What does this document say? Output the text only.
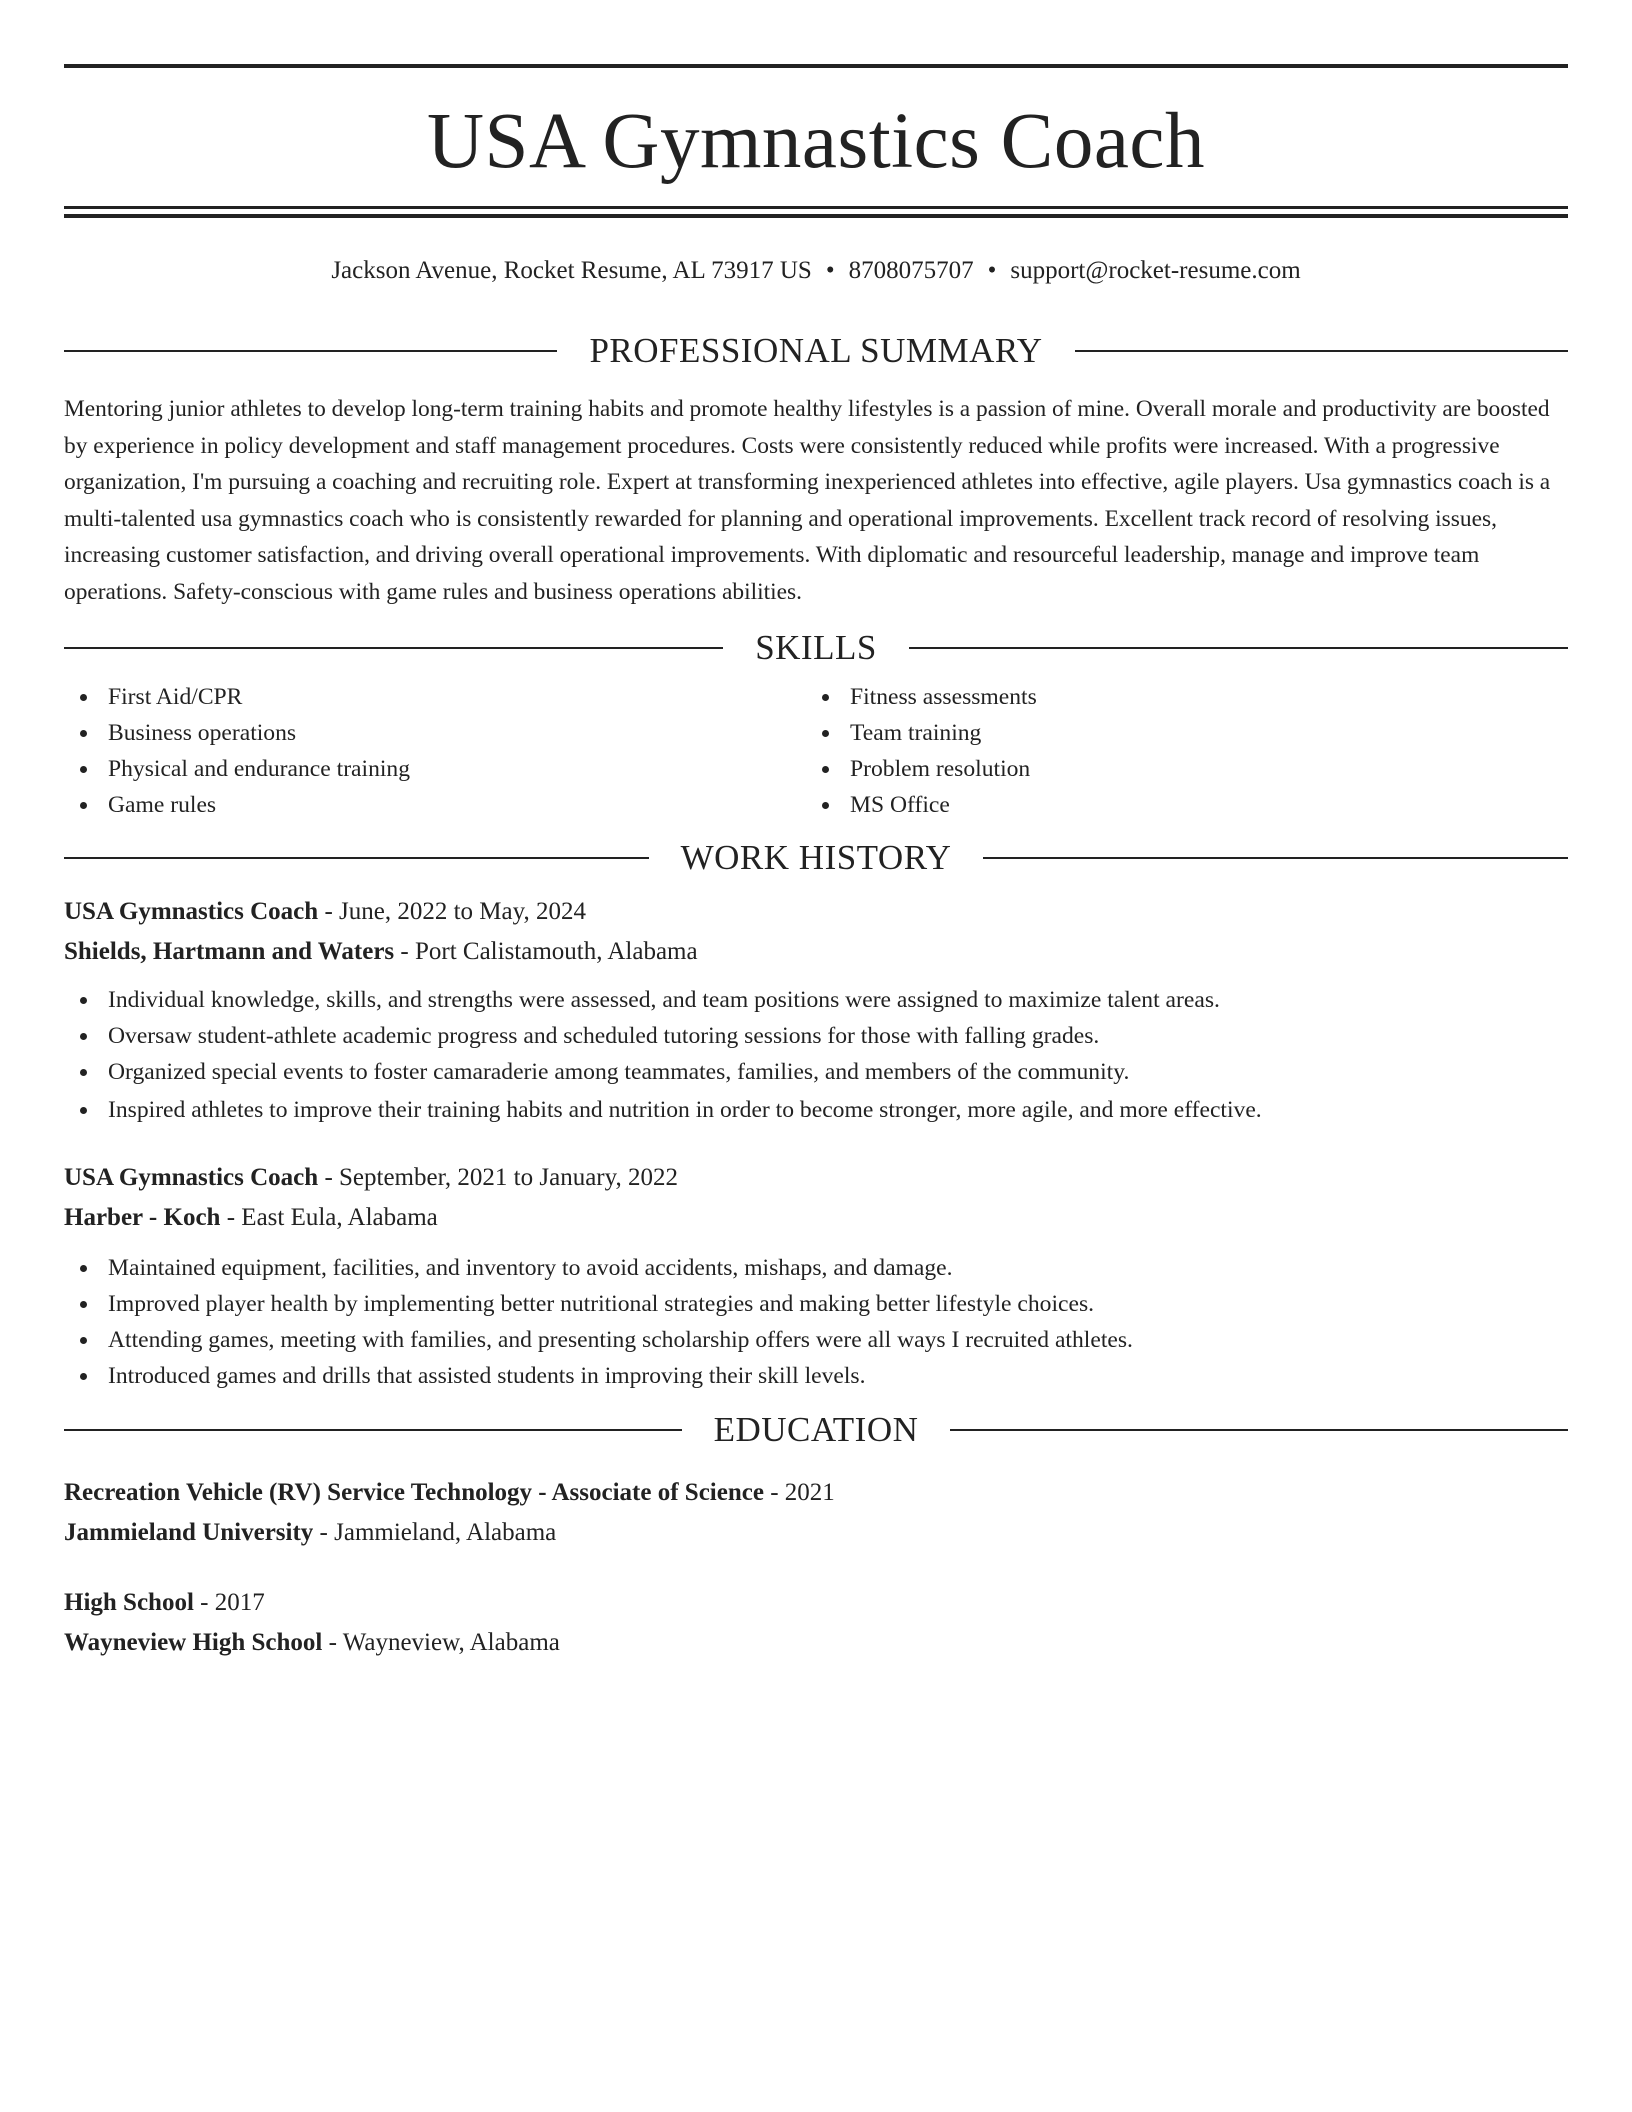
USA Gymnastics Coach
Jackson Avenue, Rocket Resume, AL 73917 US • 8708075707 • support@rocket-resume.com
PROFESSIONAL SUMMARY
Mentoring junior athletes to develop long-term training habits and promote healthy lifestyles is a passion of mine. Overall morale and productivity are boosted by experience in policy development and staff management procedures. Costs were consistently reduced while profits were increased. With a progressive organization, I'm pursuing a coaching and recruiting role. Expert at transforming inexperienced athletes into effective, agile players. Usa gymnastics coach is a multi-talented usa gymnastics coach who is consistently rewarded for planning and operational improvements. Excellent track record of resolving issues, increasing customer satisfaction, and driving overall operational improvements. With diplomatic and resourceful leadership, manage and improve team operations. Safety-conscious with game rules and business operations abilities.
SKILLS
First Aid/CPR
Business operations
Physical and endurance training
Game rules
Fitness assessments
Team training
Problem resolution
MS Office
WORK HISTORY
USA Gymnastics Coach - June, 2022 to May, 2024
Shields, Hartmann and Waters - Port Calistamouth, Alabama
Individual knowledge, skills, and strengths were assessed, and team positions were assigned to maximize talent areas.
Oversaw student-athlete academic progress and scheduled tutoring sessions for those with falling grades.
Organized special events to foster camaraderie among teammates, families, and members of the community.
Inspired athletes to improve their training habits and nutrition in order to become stronger, more agile, and more effective.
USA Gymnastics Coach - September, 2021 to January, 2022
Harber - Koch - East Eula, Alabama
Maintained equipment, facilities, and inventory to avoid accidents, mishaps, and damage.
Improved player health by implementing better nutritional strategies and making better lifestyle choices.
Attending games, meeting with families, and presenting scholarship offers were all ways I recruited athletes.
Introduced games and drills that assisted students in improving their skill levels.
EDUCATION
Recreation Vehicle (RV) Service Technology - Associate of Science - 2021
Jammieland University - Jammieland, Alabama
High School - 2017
Wayneview High School - Wayneview, Alabama
